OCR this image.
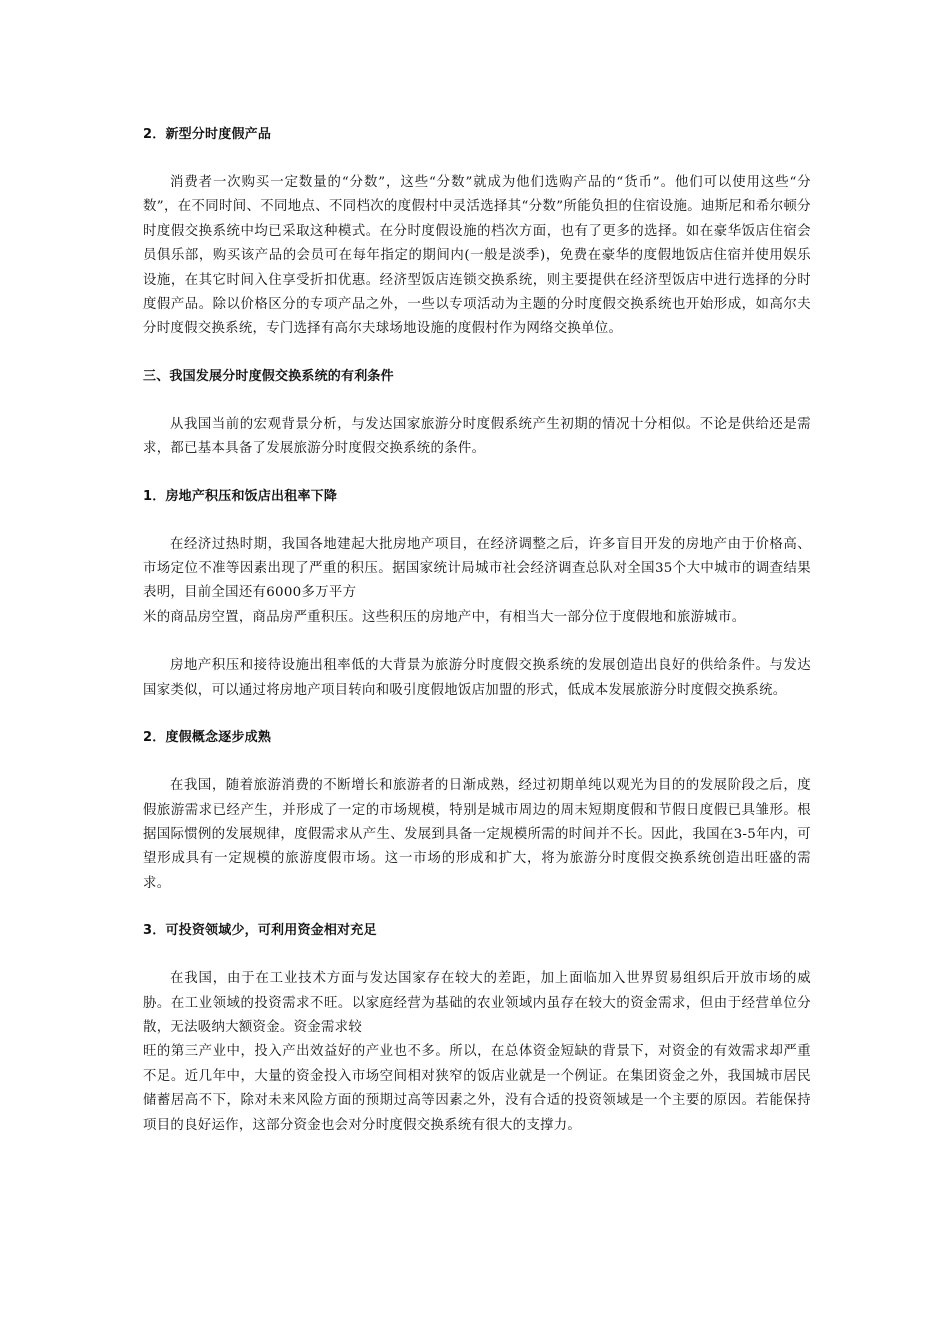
2．新型分时度假产品

消费者一次购买一定数量的“分数”，这些“分数”就成为他们选购产品的“货币”。他们可以使用这些“分数”，在不同时间、不同地点、不同档次的度假村中灵活选择其“分数”所能负担的住宿设施。迪斯尼和希尔顿分时度假交换系统中均已采取这种模式。在分时度假设施的档次方面，也有了更多的选择。如在豪华饭店住宿会员俱乐部，购买该产品的会员可在每年指定的期间内(一般是淡季)，免费在豪华的度假地饭店住宿并使用娱乐设施，在其它时间入住享受折扣优惠。经济型饭店连锁交换系统，则主要提供在经济型饭店中进行选择的分时度假产品。除以价格区分的专项产品之外，一些以专项活动为主题的分时度假交换系统也开始形成，如高尔夫分时度假交换系统，专门选择有高尔夫球场地设施的度假村作为网络交换单位。

三、我国发展分时度假交换系统的有利条件

从我国当前的宏观背景分析，与发达国家旅游分时度假系统产生初期的情况十分相似。不论是供给还是需求，都已基本具备了发展旅游分时度假交换系统的条件。

1．房地产积压和饭店出租率下降

在经济过热时期，我国各地建起大批房地产项目，在经济调整之后，许多盲目开发的房地产由于价格高、市场定位不准等因素出现了严重的积压。据国家统计局城市社会经济调查总队对全国35个大中城市的调查结果表明，目前全国还有6000多万平方

米的商品房空置，商品房严重积压。这些积压的房地产中，有相当大一部分位于度假地和旅游城市。

房地产积压和接待设施出租率低的大背景为旅游分时度假交换系统的发展创造出良好的供给条件。与发达国家类似，可以通过将房地产项目转向和吸引度假地饭店加盟的形式，低成本发展旅游分时度假交换系统。

2．度假概念逐步成熟

在我国，随着旅游消费的不断增长和旅游者的日渐成熟，经过初期单纯以观光为目的的发展阶段之后，度假旅游需求已经产生，并形成了一定的市场规模，特别是城市周边的周末短期度假和节假日度假已具雏形。根据国际惯例的发展规律，度假需求从产生、发展到具备一定规模所需的时间并不长。因此，我国在3-5年内，可望形成具有一定规模的旅游度假市场。这一市场的形成和扩大，将为旅游分时度假交换系统创造出旺盛的需求。

3．可投资领域少，可利用资金相对充足

在我国，由于在工业技术方面与发达国家存在较大的差距，加上面临加入世界贸易组织后开放市场的威胁。在工业领域的投资需求不旺。以家庭经营为基础的农业领域内虽存在较大的资金需求，但由于经营单位分散，无法吸纳大额资金。资金需求较

旺的第三产业中，投入产出效益好的产业也不多。所以，在总体资金短缺的背景下，对资金的有效需求却严重不足。近几年中，大量的资金投入市场空间相对狭窄的饭店业就是一个例证。在集团资金之外，我国城市居民储蓄居高不下，除对未来风险方面的预期过高等因素之外，没有合适的投资领域是一个主要的原因。若能保持项目的良好运作，这部分资金也会对分时度假交换系统有很大的支撑力。
